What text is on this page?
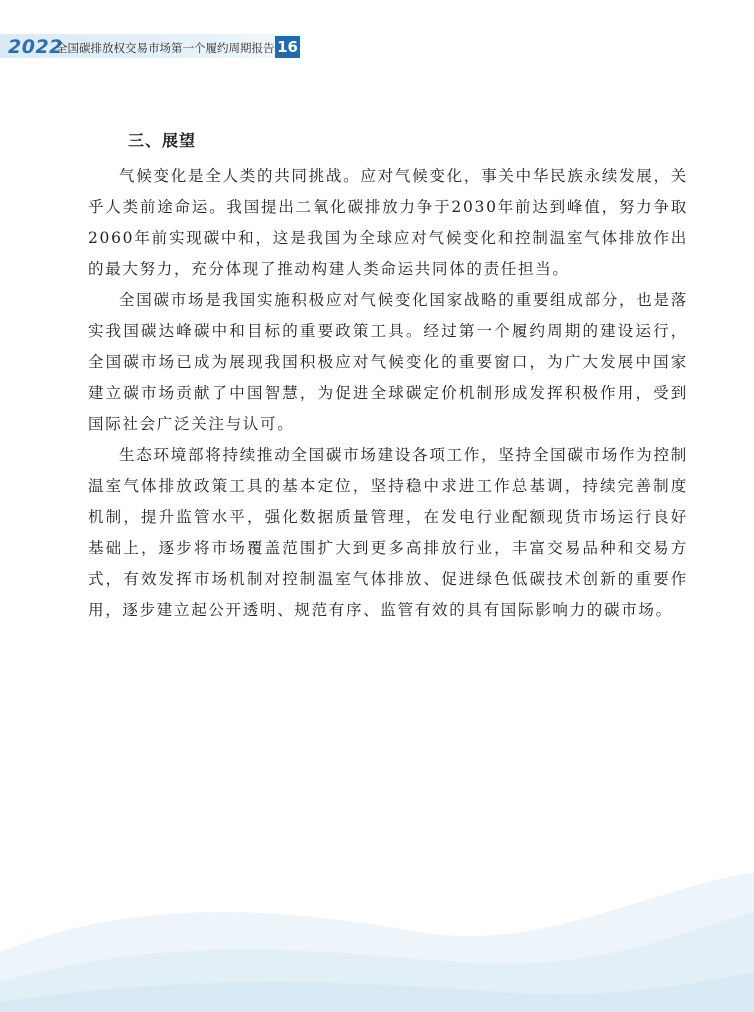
2022
全国碳排放权交易市场第一个履约周期报告 16
三、展望

气候变化是全人类的共同挑战。应对气候变化，事关中华民族永续发展，关乎人类前途命运。我国提出二氧化碳排放力争于2030年前达到峰值，努力争取2060年前实现碳中和，这是我国为全球应对气候变化和控制温室气体排放作出的最大努力，充分体现了推动构建人类命运共同体的责任担当。

全国碳市场是我国实施积极应对气候变化国家战略的重要组成部分，也是落实我国碳达峰碳中和目标的重要政策工具。经过第一个履约周期的建设运行，全国碳市场已成为展现我国积极应对气候变化的重要窗口，为广大发展中国家建立碳市场贡献了中国智慧，为促进全球碳定价机制形成发挥积极作用，受到国际社会广泛关注与认可。

生态环境部将持续推动全国碳市场建设各项工作，坚持全国碳市场作为控制温室气体排放政策工具的基本定位，坚持稳中求进工作总基调，持续完善制度机制，提升监管水平，强化数据质量管理，在发电行业配额现货市场运行良好基础上，逐步将市场覆盖范围扩大到更多高排放行业，丰富交易品种和交易方式，有效发挥市场机制对控制温室气体排放、促进绿色低碳技术创新的重要作用，逐步建立起公开透明、规范有序、监管有效的具有国际影响力的碳市场。
